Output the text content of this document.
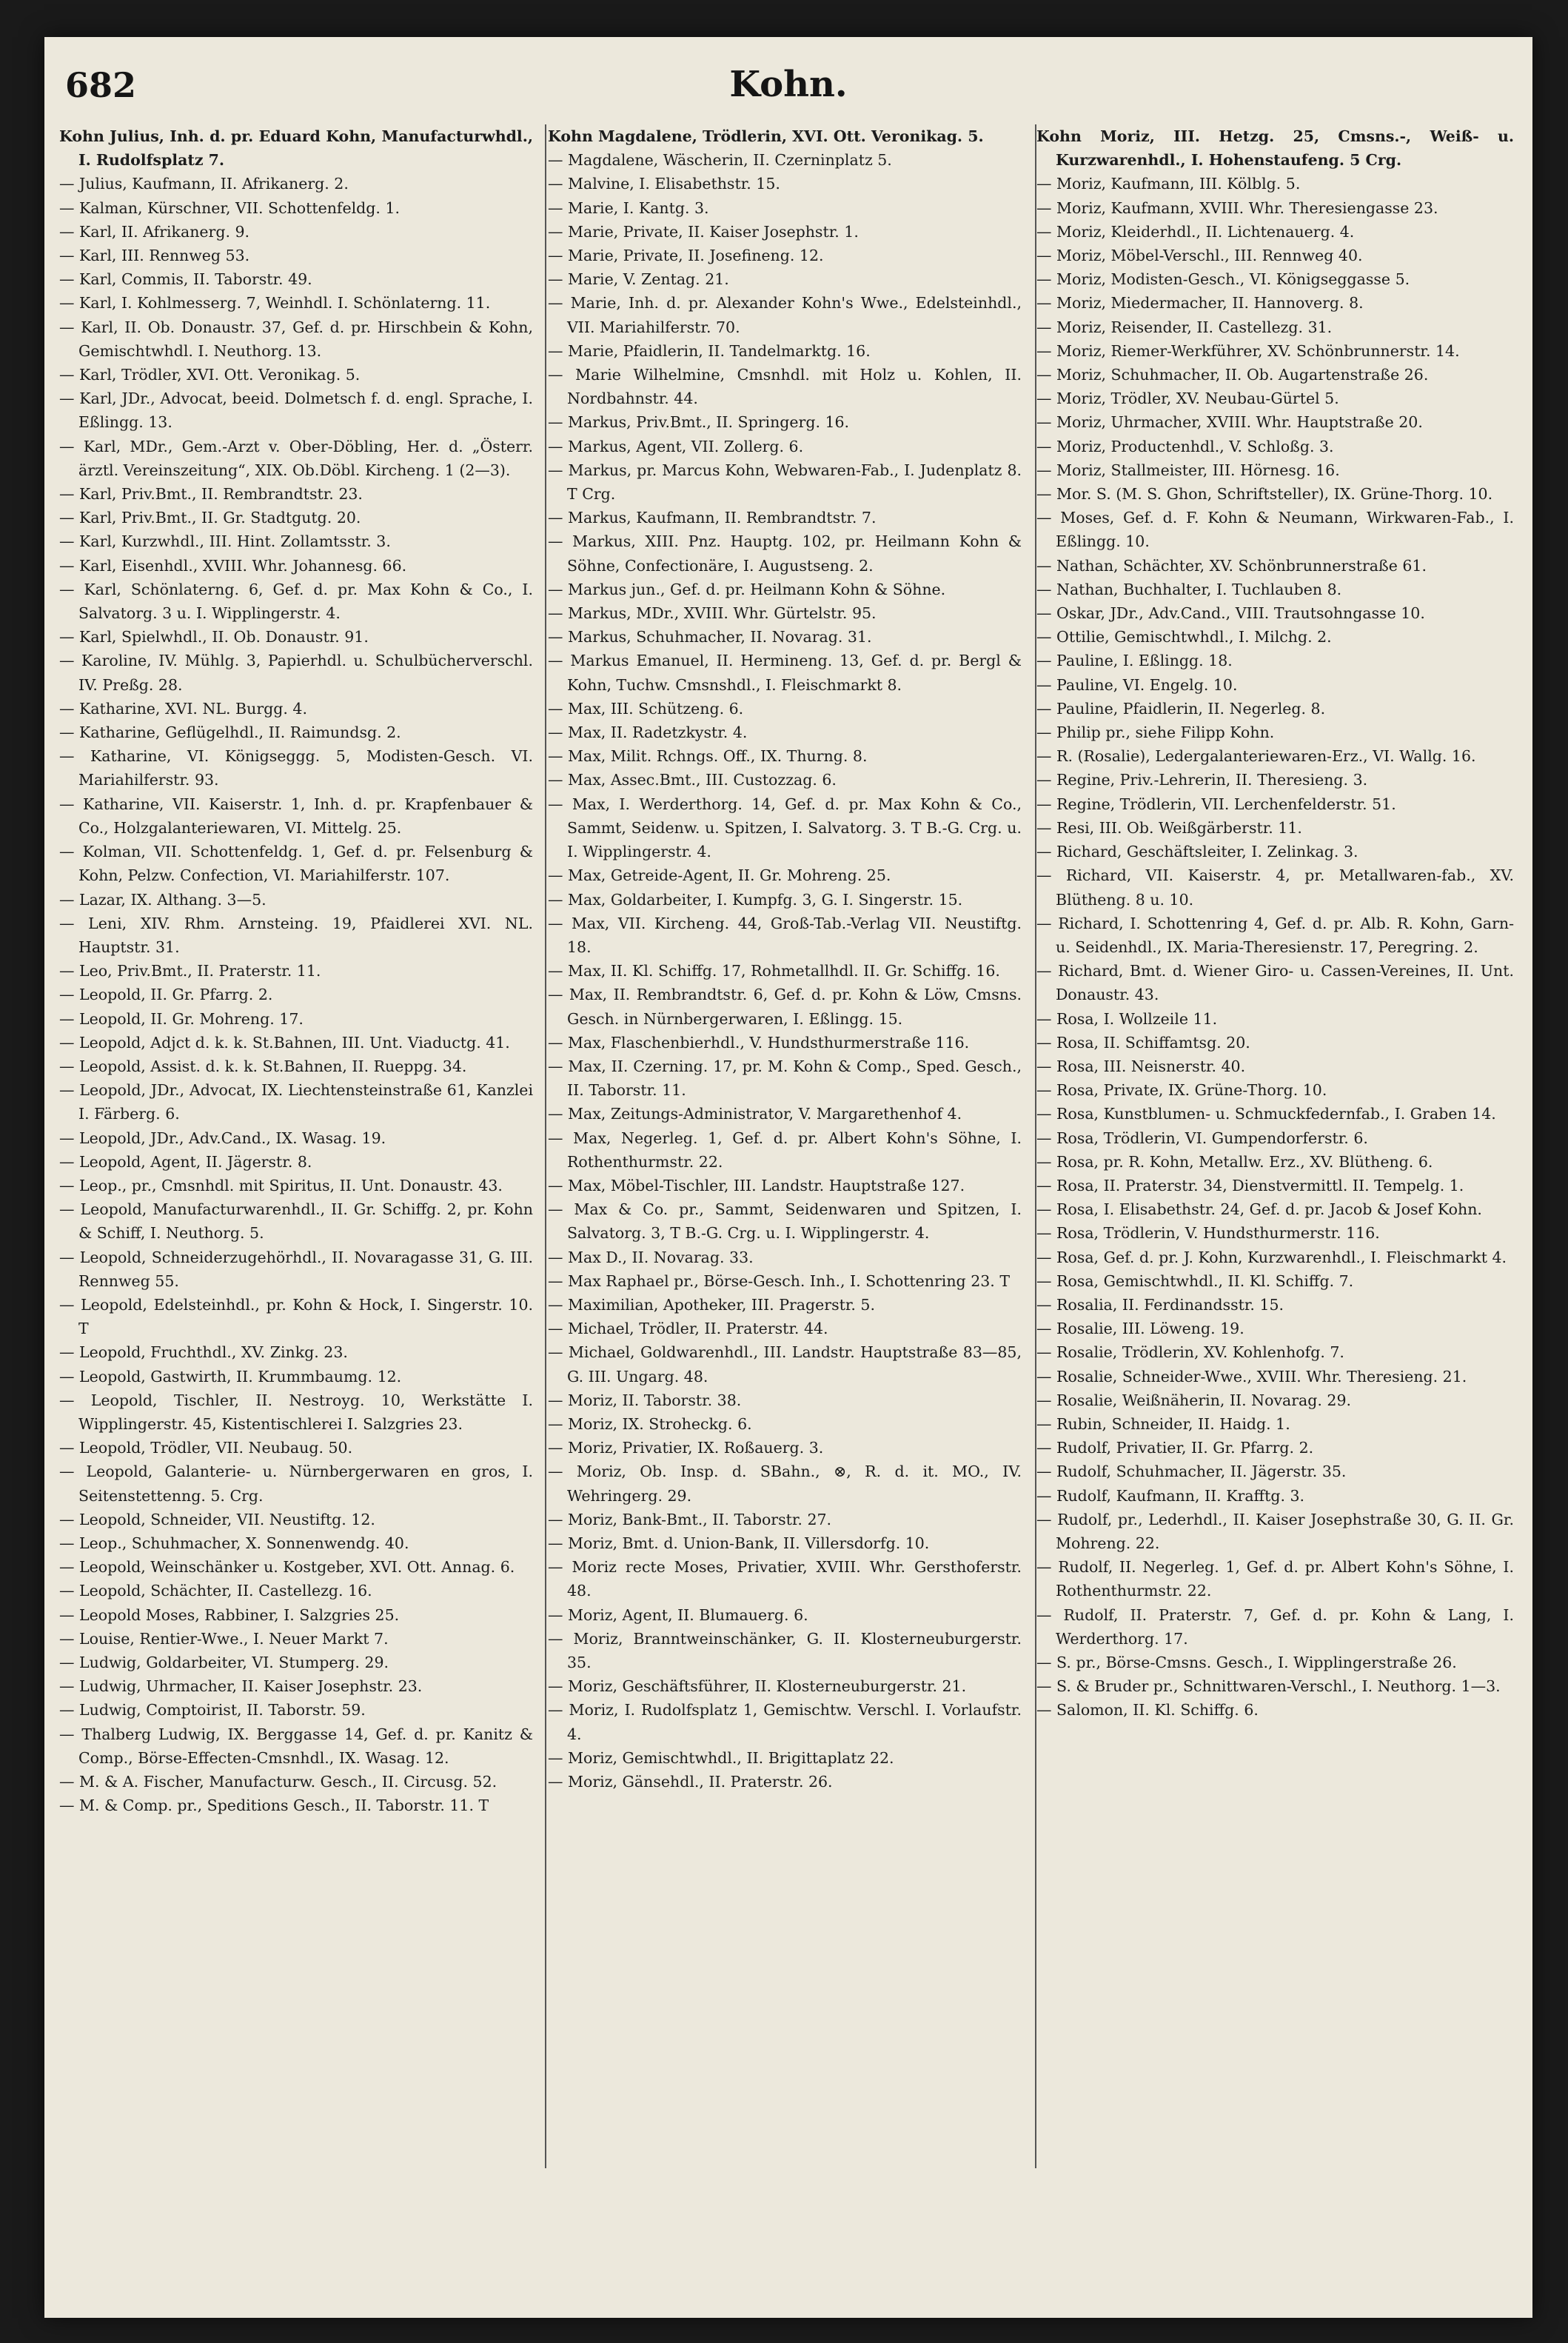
682	Kohn.
Kohn Julius, Inh. d. pr. Eduard Kohn, Manufacturwhdl., I. Rudolfsplatz 7.
— Julius, Kaufmann, II. Afrikanerg. 2.
— Kalman, Kürschner, VII. Schottenfeldg. 1.
— Karl, II. Afrikanerg. 9.
— Karl, III. Rennweg 53.
— Karl, Commis, II. Taborstr. 49.
— Karl, I. Kohlmesserg. 7, Weinhdl. I. Schönlaterng. 11.
— Karl, II. Ob. Donaustr. 37, Gef. d. pr. Hirschbein & Kohn, Gemischtwhdl. I. Neuthorg. 13.
— Karl, Trödler, XVI. Ott. Veronikag. 5.
— Karl, JDr., Advocat, beeid. Dolmetsch f. d. engl. Sprache, I. Eßlingg. 13.
— Karl, MDr., Gem.-Arzt v. Ober-Döbling, Her. d. „Österr. ärztl. Vereinszeitung“, XIX. Ob.Döbl. Kircheng. 1 (2—3).
— Karl, Priv.Bmt., II. Rembrandtstr. 23.
— Karl, Priv.Bmt., II. Gr. Stadtgutg. 20.
— Karl, Kurzwhdl., III. Hint. Zollamtsstr. 3.
— Karl, Eisenhdl., XVIII. Whr. Johannesg. 66.
— Karl, Schönlaterng. 6, Gef. d. pr. Max Kohn & Co., I. Salvatorg. 3 u. I. Wipplingerstr. 4.
— Karl, Spielwhdl., II. Ob. Donaustr. 91.
— Karoline, IV. Mühlg. 3, Papierhdl. u. Schulbücherverschl. IV. Preßg. 28.
— Katharine, XVI. NL. Burgg. 4.
— Katharine, Geflügelhdl., II. Raimundsg. 2.
— Katharine, VI. Königseggg. 5, Modisten-Gesch. VI. Mariahilferstr. 93.
— Katharine, VII. Kaiserstr. 1, Inh. d. pr. Krapfenbauer & Co., Holzgalanteriewaren, VI. Mittelg. 25.
— Kolman, VII. Schottenfeldg. 1, Gef. d. pr. Felsenburg & Kohn, Pelzw. Confection, VI. Mariahilferstr. 107.
— Lazar, IX. Althang. 3—5.
— Leni, XIV. Rhm. Arnsteing. 19, Pfaidlerei XVI. NL. Hauptstr. 31.
— Leo, Priv.Bmt., II. Praterstr. 11.
— Leopold, II. Gr. Pfarrg. 2.
— Leopold, II. Gr. Mohreng. 17.
— Leopold, Adjct d. k. k. St.Bahnen, III. Unt. Viaductg. 41.
— Leopold, Assist. d. k. k. St.Bahnen, II. Rueppg. 34.
— Leopold, JDr., Advocat, IX. Liechtensteinstraße 61, Kanzlei I. Färberg. 6.
— Leopold, JDr., Adv.Cand., IX. Wasag. 19.
— Leopold, Agent, II. Jägerstr. 8.
— Leop., pr., Cmsnhdl. mit Spiritus, II. Unt. Donaustr. 43.
— Leopold, Manufacturwarenhdl., II. Gr. Schiffg. 2, pr. Kohn & Schiff, I. Neuthorg. 5.
— Leopold, Schneiderzugehörhdl., II. Novaragasse 31, G. III. Rennweg 55.
— Leopold, Edelsteinhdl., pr. Kohn & Hock, I. Singerstr. 10. T
— Leopold, Fruchthdl., XV. Zinkg. 23.
— Leopold, Gastwirth, II. Krummbaumg. 12.
— Leopold, Tischler, II. Nestroyg. 10, Werkstätte I. Wipplingerstr. 45, Kistentischlerei I. Salzgries 23.
— Leopold, Trödler, VII. Neubaug. 50.
— Leopold, Galanterie- u. Nürnbergerwaren en gros, I. Seitenstettenng. 5. Crg.
— Leopold, Schneider, VII. Neustiftg. 12.
— Leop., Schuhmacher, X. Sonnenwendg. 40.
— Leopold, Weinschänker u. Kostgeber, XVI. Ott. Annag. 6.
— Leopold, Schächter, II. Castellezg. 16.
— Leopold Moses, Rabbiner, I. Salzgries 25.
— Louise, Rentier-Wwe., I. Neuer Markt 7.
— Ludwig, Goldarbeiter, VI. Stumperg. 29.
— Ludwig, Uhrmacher, II. Kaiser Josephstr. 23.
— Ludwig, Comptoirist, II. Taborstr. 59.
— Thalberg Ludwig, IX. Berggasse 14, Gef. d. pr. Kanitz & Comp., Börse-Effecten-Cmsnhdl., IX. Wasag. 12.
— M. & A. Fischer, Manufacturw. Gesch., II. Circusg. 52.
— M. & Comp. pr., Speditions Gesch., II. Taborstr. 11. T
Kohn Magdalene, Trödlerin, XVI. Ott. Veronikag. 5.
— Magdalene, Wäscherin, II. Czerninplatz 5.
— Malvine, I. Elisabethstr. 15.
— Marie, I. Kantg. 3.
— Marie, Private, II. Kaiser Josephstr. 1.
— Marie, Private, II. Josefineng. 12.
— Marie, V. Zentag. 21.
— Marie, Inh. d. pr. Alexander Kohn's Wwe., Edelsteinhdl., VII. Mariahilferstr. 70.
— Marie, Pfaidlerin, II. Tandelmarktg. 16.
— Marie Wilhelmine, Cmsnhdl. mit Holz u. Kohlen, II. Nordbahnstr. 44.
— Markus, Priv.Bmt., II. Springerg. 16.
— Markus, Agent, VII. Zollerg. 6.
— Markus, pr. Marcus Kohn, Webwaren-Fab., I. Judenplatz 8. T Crg.
— Markus, Kaufmann, II. Rembrandtstr. 7.
— Markus, XIII. Pnz. Hauptg. 102, pr. Heilmann Kohn & Söhne, Confectionäre, I. Augustseng. 2.
— Markus jun., Gef. d. pr. Heilmann Kohn & Söhne.
— Markus, MDr., XVIII. Whr. Gürtelstr. 95.
— Markus, Schuhmacher, II. Novarag. 31.
— Markus Emanuel, II. Hermineng. 13, Gef. d. pr. Bergl & Kohn, Tuchw. Cmsnshdl., I. Fleischmarkt 8.
— Max, III. Schützeng. 6.
— Max, II. Radetzkystr. 4.
— Max, Milit. Rchngs. Off., IX. Thurng. 8.
— Max, Assec.Bmt., III. Custozzag. 6.
— Max, I. Werderthorg. 14, Gef. d. pr. Max Kohn & Co., Sammt, Seidenw. u. Spitzen, I. Salvatorg. 3. T B.-G. Crg. u. I. Wipplingerstr. 4.
— Max, Getreide-Agent, II. Gr. Mohreng. 25.
— Max, Goldarbeiter, I. Kumpfg. 3, G. I. Singerstr. 15.
— Max, VII. Kircheng. 44, Groß-Tab.-Verlag VII. Neustiftg. 18.
— Max, II. Kl. Schiffg. 17, Rohmetallhdl. II. Gr. Schiffg. 16.
— Max, II. Rembrandtstr. 6, Gef. d. pr. Kohn & Löw, Cmsns. Gesch. in Nürnbergerwaren, I. Eßlingg. 15.
— Max, Flaschenbierhdl., V. Hundsthurmerstraße 116.
— Max, II. Czerning. 17, pr. M. Kohn & Comp., Sped. Gesch., II. Taborstr. 11.
— Max, Zeitungs-Administrator, V. Margarethenhof 4.
— Max, Negerleg. 1, Gef. d. pr. Albert Kohn's Söhne, I. Rothenthurmstr. 22.
— Max, Möbel-Tischler, III. Landstr. Hauptstraße 127.
— Max & Co. pr., Sammt, Seidenwaren und Spitzen, I. Salvatorg. 3, T B.-G. Crg. u. I. Wipplingerstr. 4.
— Max D., II. Novarag. 33.
— Max Raphael pr., Börse-Gesch. Inh., I. Schottenring 23. T
— Maximilian, Apotheker, III. Pragerstr. 5.
— Michael, Trödler, II. Praterstr. 44.
— Michael, Goldwarenhdl., III. Landstr. Hauptstraße 83—85, G. III. Ungarg. 48.
— Moriz, II. Taborstr. 38.
— Moriz, IX. Stroheckg. 6.
— Moriz, Privatier, IX. Roßauerg. 3.
— Moriz, Ob. Insp. d. SBahn., ⊗, R. d. it. MO., IV. Wehringerg. 29.
— Moriz, Bank-Bmt., II. Taborstr. 27.
— Moriz, Bmt. d. Union-Bank, II. Villersdorfg. 10.
— Moriz recte Moses, Privatier, XVIII. Whr. Gersthoferstr. 48.
— Moriz, Agent, II. Blumauerg. 6.
— Moriz, Branntweinschänker, G. II. Klosterneuburgerstr. 35.
— Moriz, Geschäftsführer, II. Klosterneuburgerstr. 21.
— Moriz, I. Rudolfsplatz 1, Gemischtw. Verschl. I. Vorlaufstr. 4.
— Moriz, Gemischtwhdl., II. Brigittaplatz 22.
— Moriz, Gänsehdl., II. Praterstr. 26.
Kohn Moriz, III. Hetzg. 25, Cmsns.-, Weiß- u. Kurzwarenhdl., I. Hohenstaufeng. 5 Crg.
— Moriz, Kaufmann, III. Kölblg. 5.
— Moriz, Kaufmann, XVIII. Whr. Theresiengasse 23.
— Moriz, Kleiderhdl., II. Lichtenauerg. 4.
— Moriz, Möbel-Verschl., III. Rennweg 40.
— Moriz, Modisten-Gesch., VI. Königseggasse 5.
— Moriz, Miedermacher, II. Hannoverg. 8.
— Moriz, Reisender, II. Castellezg. 31.
— Moriz, Riemer-Werkführer, XV. Schönbrunnerstr. 14.
— Moriz, Schuhmacher, II. Ob. Augartenstraße 26.
— Moriz, Trödler, XV. Neubau-Gürtel 5.
— Moriz, Uhrmacher, XVIII. Whr. Hauptstraße 20.
— Moriz, Productenhdl., V. Schloßg. 3.
— Moriz, Stallmeister, III. Hörnesg. 16.
— Mor. S. (M. S. Ghon, Schriftsteller), IX. Grüne-Thorg. 10.
— Moses, Gef. d. F. Kohn & Neumann, Wirkwaren-Fab., I. Eßlingg. 10.
— Nathan, Schächter, XV. Schönbrunnerstraße 61.
— Nathan, Buchhalter, I. Tuchlauben 8.
— Oskar, JDr., Adv.Cand., VIII. Trautsohngasse 10.
— Ottilie, Gemischtwhdl., I. Milchg. 2.
— Pauline, I. Eßlingg. 18.
— Pauline, VI. Engelg. 10.
— Pauline, Pfaidlerin, II. Negerleg. 8.
— Philip pr., siehe Filipp Kohn.
— R. (Rosalie), Ledergalanteriewaren-Erz., VI. Wallg. 16.
— Regine, Priv.-Lehrerin, II. Theresieng. 3.
— Regine, Trödlerin, VII. Lerchenfelderstr. 51.
— Resi, III. Ob. Weißgärberstr. 11.
— Richard, Geschäftsleiter, I. Zelinkag. 3.
— Richard, VII. Kaiserstr. 4, pr. Metallwaren-fab., XV. Blütheng. 8 u. 10.
— Richard, I. Schottenring 4, Gef. d. pr. Alb. R. Kohn, Garn- u. Seidenhdl., IX. Maria-Theresienstr. 17, Peregring. 2.
— Richard, Bmt. d. Wiener Giro- u. Cassen-Vereines, II. Unt. Donaustr. 43.
— Rosa, I. Wollzeile 11.
— Rosa, II. Schiffamtsg. 20.
— Rosa, III. Neisnerstr. 40.
— Rosa, Private, IX. Grüne-Thorg. 10.
— Rosa, Kunstblumen- u. Schmuckfedernfab., I. Graben 14.
— Rosa, Trödlerin, VI. Gumpendorferstr. 6.
— Rosa, pr. R. Kohn, Metallw. Erz., XV. Blütheng. 6.
— Rosa, II. Praterstr. 34, Dienstvermittl. II. Tempelg. 1.
— Rosa, I. Elisabethstr. 24, Gef. d. pr. Jacob & Josef Kohn.
— Rosa, Trödlerin, V. Hundsthurmerstr. 116.
— Rosa, Gef. d. pr. J. Kohn, Kurzwarenhdl., I. Fleischmarkt 4.
— Rosa, Gemischtwhdl., II. Kl. Schiffg. 7.
— Rosalia, II. Ferdinandsstr. 15.
— Rosalie, III. Löweng. 19.
— Rosalie, Trödlerin, XV. Kohlenhofg. 7.
— Rosalie, Schneider-Wwe., XVIII. Whr. Theresieng. 21.
— Rosalie, Weißnäherin, II. Novarag. 29.
— Rubin, Schneider, II. Haidg. 1.
— Rudolf, Privatier, II. Gr. Pfarrg. 2.
— Rudolf, Schuhmacher, II. Jägerstr. 35.
— Rudolf, Kaufmann, II. Krafftg. 3.
— Rudolf, pr., Lederhdl., II. Kaiser Josephstraße 30, G. II. Gr. Mohreng. 22.
— Rudolf, II. Negerleg. 1, Gef. d. pr. Albert Kohn's Söhne, I. Rothenthurmstr. 22.
— Rudolf, II. Praterstr. 7, Gef. d. pr. Kohn & Lang, I. Werderthorg. 17.
— S. pr., Börse-Cmsns. Gesch., I. Wipplingerstraße 26.
— S. & Bruder pr., Schnittwaren-Verschl., I. Neuthorg. 1—3.
— Salomon, II. Kl. Schiffg. 6.
